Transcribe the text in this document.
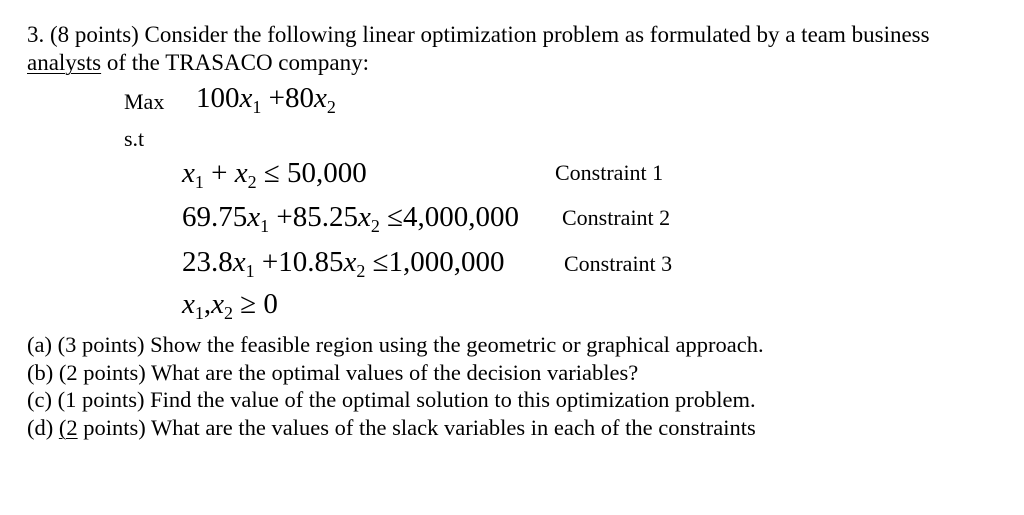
3. (8 points) Consider the following linear optimization problem as formulated by a team business
analysts of the TRASACO company:
Max $100x_1 +80x_2$
s.t
$x_1 + x_2 \le 50,000$	Constraint 1
$69.75x_1 +85.25x_2 \le 4,000,000$ Constraint 2
$23.8x_1 +10.85x_2 \le 1,000,000$	Constraint 3
$x_1,x_2 \ge 0$
(a) (3 points) Show the feasible region using the geometric or graphical approach.
(b) (2 points) What are the optimal values of the decision variables?
(c) (1 points) Find the value of the optimal solution to this optimization problem.
(d) (2 points) What are the values of the slack variables in each of the constraints
